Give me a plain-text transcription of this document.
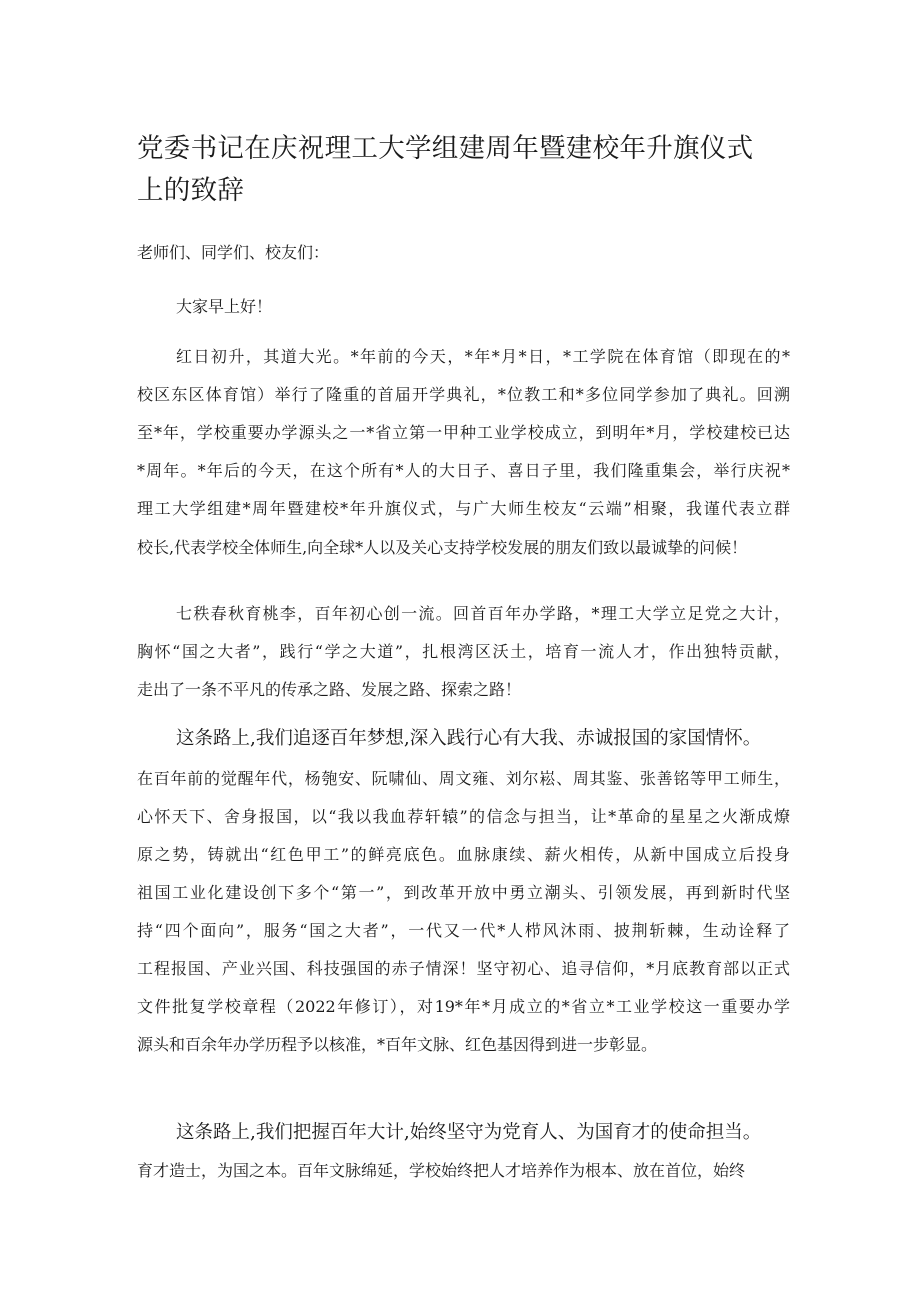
党委书记在庆祝理工大学组建周年暨建校年升旗仪式
上的致辞
老师们、同学们、校友们：
大家早上好！
红日初升，其道大光。*年前的今天，*年*月*日，*工学院在体育馆（即现在的*
校区东区体育馆）举行了隆重的首届开学典礼，*位教工和*多位同学参加了典礼。回溯
至*年，学校重要办学源头之一*省立第一甲种工业学校成立，到明年*月，学校建校已达
*周年。*年后的今天，在这个所有*人的大日子、喜日子里，我们隆重集会，举行庆祝*
理工大学组建*周年暨建校*年升旗仪式，与广大师生校友“云端”相聚，我谨代表立群
校长,代表学校全体师生,向全球*人以及关心支持学校发展的朋友们致以最诚挚的问候！
七秩春秋育桃李，百年初心创一流。回首百年办学路，*理工大学立足党之大计，
胸怀“国之大者”，践行“学之大道”，扎根湾区沃土，培育一流人才，作出独特贡献，
走出了一条不平凡的传承之路、发展之路、探索之路！
这条路上,我们追逐百年梦想,深入践行心有大我、赤诚报国的家国情怀。
在百年前的觉醒年代，杨匏安、阮啸仙、周文雍、刘尔崧、周其鉴、张善铭等甲工师生，
心怀天下、舍身报国，以“我以我血荐轩辕”的信念与担当，让*革命的星星之火渐成燎
原之势，铸就出“红色甲工”的鲜亮底色。血脉康续、薪火相传，从新中国成立后投身
祖国工业化建设创下多个“第一”，到改革开放中勇立潮头、引领发展，再到新时代坚
持“四个面向”，服务“国之大者”，一代又一代*人栉风沐雨、披荆斩棘，生动诠释了
工程报国、产业兴国、科技强国的赤子情深！坚守初心、追寻信仰，*月底教育部以正式
文件批复学校章程（2022年修订），对19*年*月成立的*省立*工业学校这一重要办学
源头和百余年办学历程予以核准，*百年文脉、红色基因得到进一步彰显。
这条路上,我们把握百年大计,始终坚守为党育人、为国育才的使命担当。
育才造士，为国之本。百年文脉绵延，学校始终把人才培养作为根本、放在首位，始终
